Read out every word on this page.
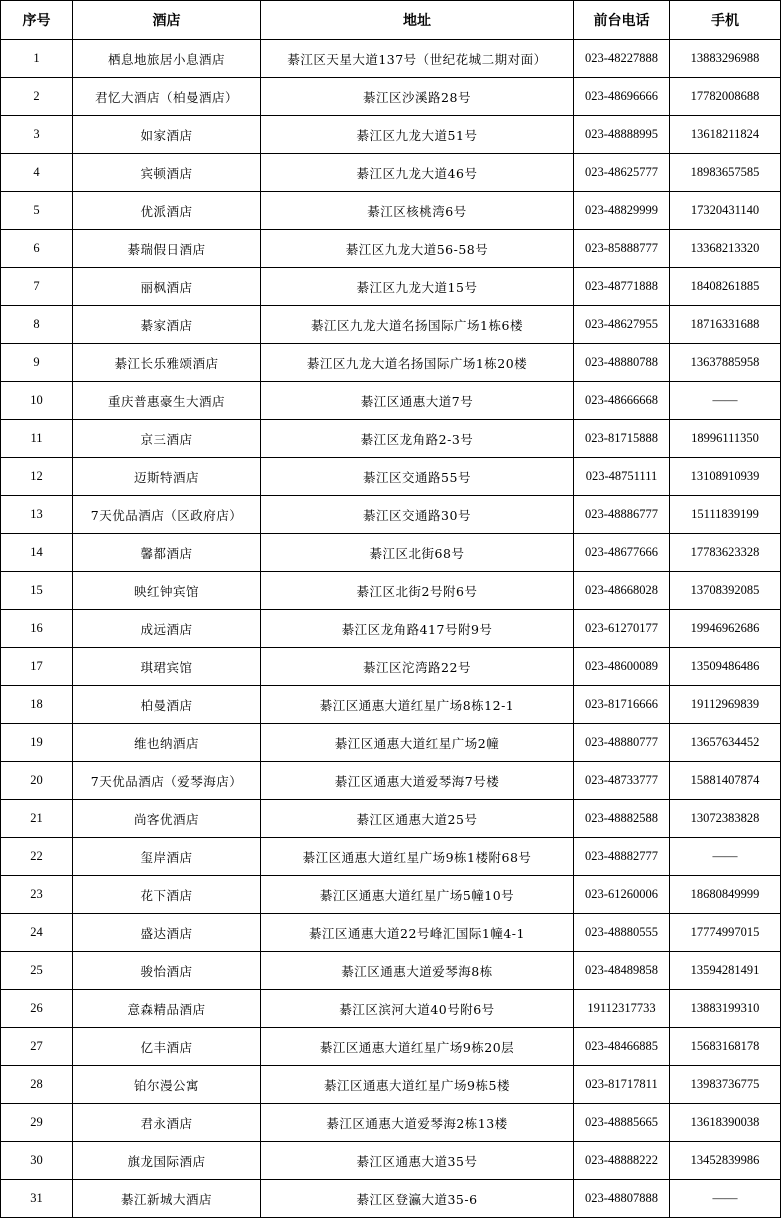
序号	酒店	地址	前台电话	手机
1	栖息地旅居小息酒店	綦江区天星大道137号（世纪花城二期对面）	023-48227888	13883296988
2	君忆大酒店（柏曼酒店）	綦江区沙溪路28号	023-48696666	17782008688
3	如家酒店	綦江区九龙大道51号	023-48888995	13618211824
4	宾顿酒店	綦江区九龙大道46号	023-48625777	18983657585
5	优派酒店	綦江区核桃湾6号	023-48829999	17320431140
6	綦瑞假日酒店	綦江区九龙大道56-58号	023-85888777	13368213320
7	丽枫酒店	綦江区九龙大道15号	023-48771888	18408261885
8	綦家酒店	綦江区九龙大道名扬国际广场1栋6楼	023-48627955	18716331688
9	綦江长乐雅颂酒店	綦江区九龙大道名扬国际广场1栋20楼	023-48880788	13637885958
10	重庆普惠豪生大酒店	綦江区通惠大道7号	023-48666668	——
11	京三酒店	綦江区龙角路2-3号	023-81715888	18996111350
12	迈斯特酒店	綦江区交通路55号	023-48751111	13108910939
13	7天优品酒店（区政府店）	綦江区交通路30号	023-48886777	15111839199
14	馨都酒店	綦江区北街68号	023-48677666	17783623328
15	映红钟宾馆	綦江区北街2号附6号	023-48668028	13708392085
16	成远酒店	綦江区龙角路417号附9号	023-61270177	19946962686
17	琪珺宾馆	綦江区沱湾路22号	023-48600089	13509486486
18	柏曼酒店	綦江区通惠大道红星广场8栋12-1	023-81716666	19112969839
19	维也纳酒店	綦江区通惠大道红星广场2幢	023-48880777	13657634452
20	7天优品酒店（爱琴海店）	綦江区通惠大道爱琴海7号楼	023-48733777	15881407874
21	尚客优酒店	綦江区通惠大道25号	023-48882588	13072383828
22	玺岸酒店	綦江区通惠大道红星广场9栋1楼附68号	023-48882777	——
23	花下酒店	綦江区通惠大道红星广场5幢10号	023-61260006	18680849999
24	盛达酒店	綦江区通惠大道22号峰汇国际1幢4-1	023-48880555	17774997015
25	骏怡酒店	綦江区通惠大道爱琴海8栋	023-48489858	13594281491
26	意森精品酒店	綦江区滨河大道40号附6号	19112317733	13883199310
27	亿丰酒店	綦江区通惠大道红星广场9栋20层	023-48466885	15683168178
28	铂尔漫公寓	綦江区通惠大道红星广场9栋5楼	023-81717811	13983736775
29	君永酒店	綦江区通惠大道爱琴海2栋13楼	023-48885665	13618390038
30	旗龙国际酒店	綦江区通惠大道35号	023-48888222	13452839986
31	綦江新城大酒店	綦江区登瀛大道35-6	023-48807888	——
